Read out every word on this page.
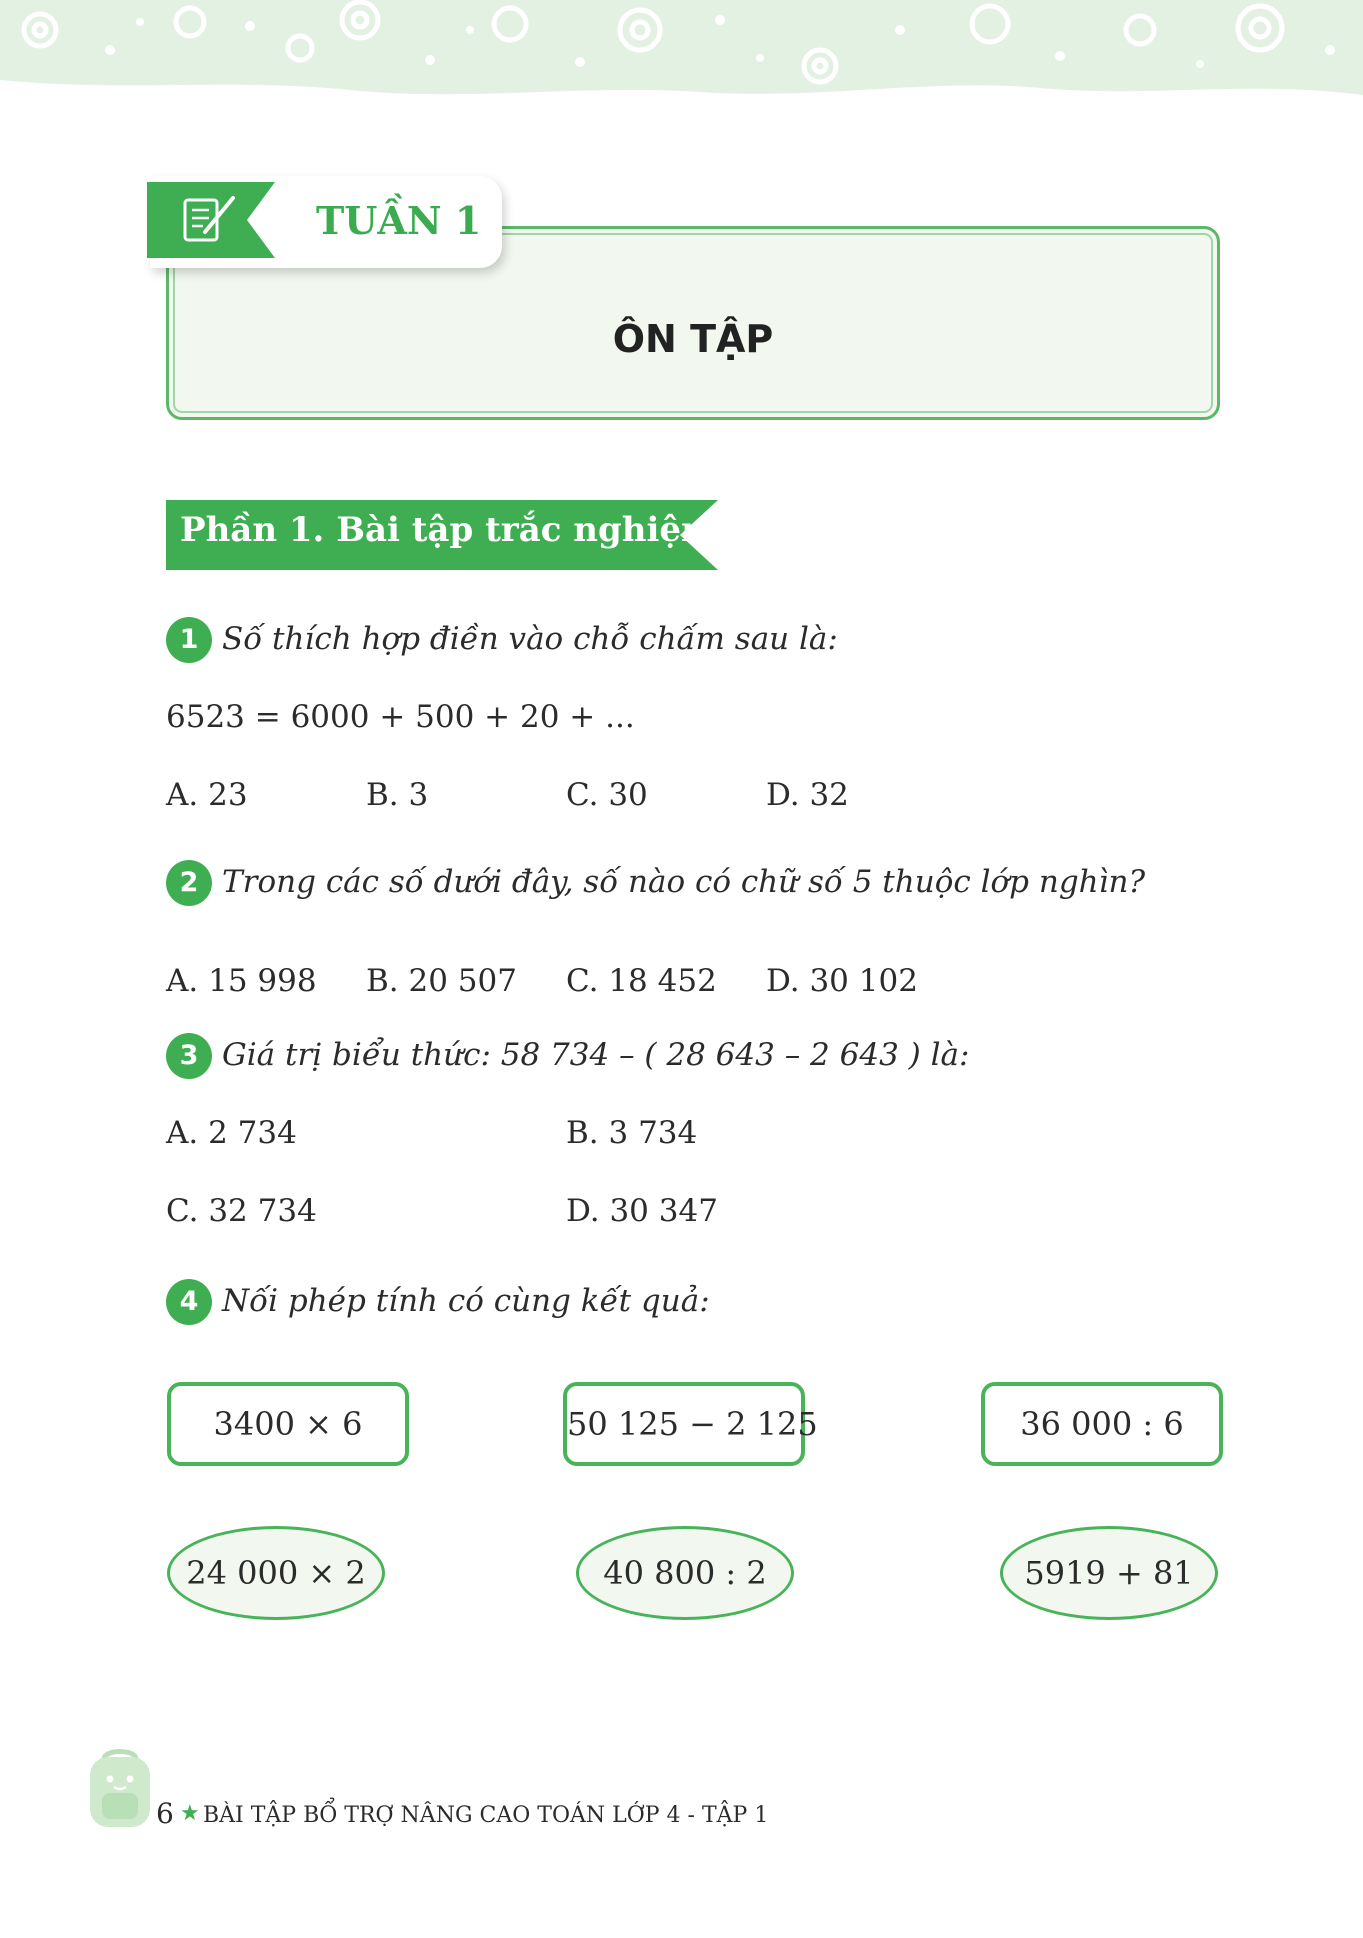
ÔN TẬP
TUẦN 1
Phần 1. Bài tập trắc nghiệm
1 Số thích hợp điền vào chỗ chấm sau là:
6523 = 6000 + 500 + 20 + ...
A. 23	B. 3	C. 30	D. 32
2 Trong các số dưới đây, số nào có chữ số 5 thuộc lớp nghìn?
A. 15 998 B. 20 507 C. 18 452 D. 30 102
3 Giá trị biểu thức: 58 734 – ( 28 643 – 2 643 ) là:
A. 2 734	B. 3 734
C. 32 734	D. 30 347
4 Nối phép tính có cùng kết quả:
3400 × 6	50 125 − 2 125	36 000 : 6
24 000 × 2	40 800 : 2	5919 + 81
6 ★ BÀI TẬP BỔ TRỢ NÂNG CAO TOÁN LỚP 4 - TẬP 1
